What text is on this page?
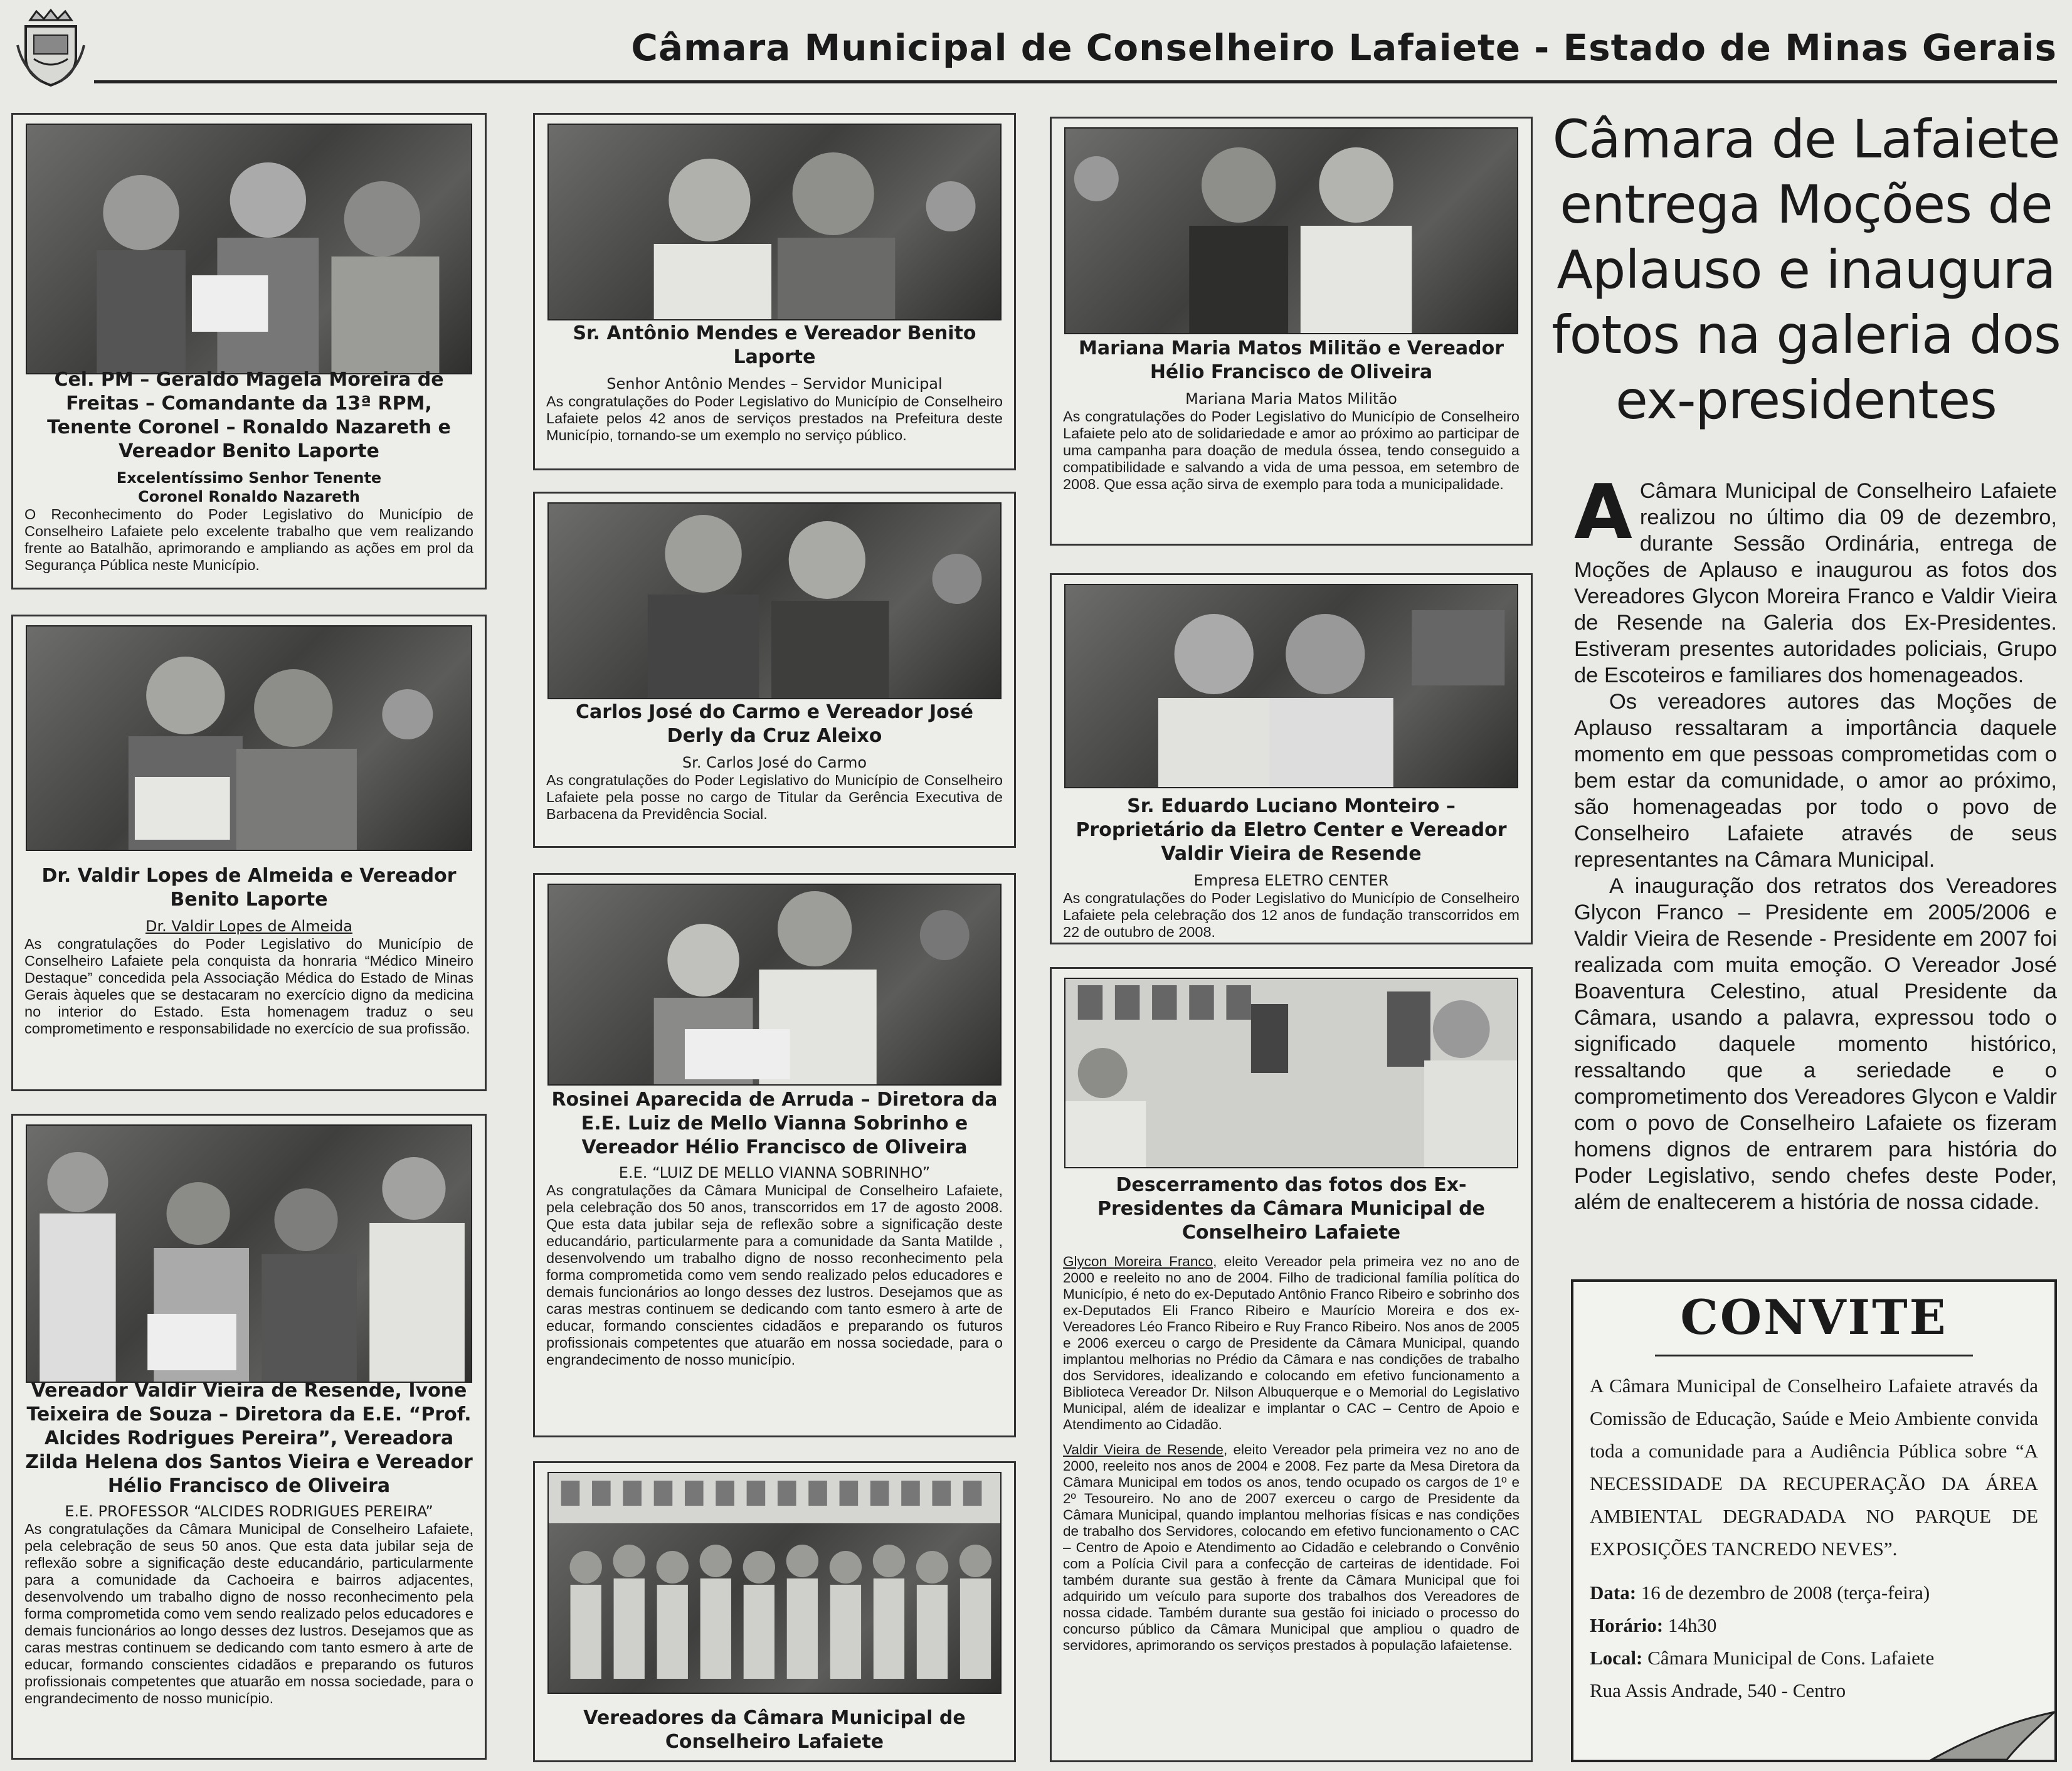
Câmara Municipal de Conselheiro Lafaiete - Estado de Minas Gerais
Cel. PM – Geraldo Magela Moreira de Freitas – Comandante da 13ª RPM, Tenente Coronel – Ronaldo Nazareth e Vereador Benito Laporte
Excelentíssimo Senhor Tenente
Coronel Ronaldo Nazareth
O Reconhecimento do Poder Legislativo do Município de Conselheiro Lafaiete pelo excelente trabalho que vem realizando frente ao Batalhão, aprimorando e ampliando as ações em prol da Segurança Pública neste Município.
Dr. Valdir Lopes de Almeida e Vereador Benito Laporte
Dr. Valdir Lopes de Almeida
As congratulações do Poder Legislativo do Município de Conselheiro Lafaiete pela conquista da honraria “Médico Mineiro Destaque” concedida pela Associação Médica do Estado de Minas Gerais àqueles que se destacaram no exercício digno da medicina no interior do Estado. Esta homenagem traduz o seu comprometimento e responsabilidade no exercício de sua profissão.
Vereador Valdir Vieira de Resende, Ivone Teixeira de Souza – Diretora da E.E. “Prof. Alcides Rodrigues Pereira”, Vereadora Zilda Helena dos Santos Vieira e Vereador Hélio Francisco de Oliveira
E.E. PROFESSOR “ALCIDES RODRIGUES PEREIRA”
As congratulações da Câmara Municipal de Conselheiro Lafaiete, pela celebração de seus 50 anos. Que esta data jubilar seja de reflexão sobre a significação deste educandário, particularmente para a comunidade da Cachoeira e bairros adjacentes, desenvolvendo um trabalho digno de nosso reconhecimento pela forma comprometida como vem sendo realizado pelos educadores e demais funcionários ao longo desses dez lustros. Desejamos que as caras mestras continuem se dedicando com tanto esmero à arte de educar, formando conscientes cidadãos e preparando os futuros profissionais competentes que atuarão em nossa sociedade, para o engrandecimento de nosso município.
Sr. Antônio Mendes e Vereador Benito Laporte
Senhor Antônio Mendes – Servidor Municipal
As congratulações do Poder Legislativo do Município de Conselheiro Lafaiete pelos 42 anos de serviços prestados na Prefeitura deste Município, tornando-se um exemplo no serviço público.
Carlos José do Carmo e Vereador José Derly da Cruz Aleixo
Sr. Carlos José do Carmo
As congratulações do Poder Legislativo do Município de Conselheiro Lafaiete pela posse no cargo de Titular da Gerência Executiva de Barbacena da Previdência Social.
Rosinei Aparecida de Arruda – Diretora da E.E. Luiz de Mello Vianna Sobrinho e Vereador Hélio Francisco de Oliveira
E.E. “LUIZ DE MELLO VIANNA SOBRINHO”
As congratulações da Câmara Municipal de Conselheiro Lafaiete, pela celebração dos 50 anos, transcorridos em 17 de agosto 2008. Que esta data jubilar seja de reflexão sobre a significação deste educandário, particularmente para a comunidade da Santa Matilde , desenvolvendo um trabalho digno de nosso reconhecimento pela forma comprometida como vem sendo realizado pelos educadores e demais funcionários ao longo desses dez lustros. Desejamos que as caras mestras continuem se dedicando com tanto esmero à arte de educar, formando conscientes cidadãos e preparando os futuros profissionais competentes que atuarão em nossa sociedade, para o engrandecimento de nosso município.
Vereadores da Câmara Municipal de Conselheiro Lafaiete
Mariana Maria Matos Militão e Vereador Hélio Francisco de Oliveira
Mariana Maria Matos Militão
As congratulações do Poder Legislativo do Município de Conselheiro Lafaiete pelo ato de solidariedade e amor ao próximo ao participar de uma campanha para doação de medula óssea, tendo conseguido a compatibilidade e salvando a vida de uma pessoa, em setembro de 2008. Que essa ação sirva de exemplo para toda a municipalidade.
Sr. Eduardo Luciano Monteiro – Proprietário da Eletro Center e Vereador Valdir Vieira de Resende
Empresa ELETRO CENTER
As congratulações do Poder Legislativo do Município de Conselheiro Lafaiete pela celebração dos 12 anos de fundação transcorridos em 22 de outubro de 2008.
Descerramento das fotos dos Ex-Presidentes da Câmara Municipal de Conselheiro Lafaiete
Glycon Moreira Franco, eleito Vereador pela primeira vez no ano de 2000 e reeleito no ano de 2004. Filho de tradicional família política do Município, é neto do ex-Deputado Antônio Franco Ribeiro e sobrinho dos ex-Deputados Eli Franco Ribeiro e Maurício Moreira e dos ex-Vereadores Léo Franco Ribeiro e Ruy Franco Ribeiro. Nos anos de 2005 e 2006 exerceu o cargo de Presidente da Câmara Municipal, quando implantou melhorias no Prédio da Câmara e nas condições de trabalho dos Servidores, idealizando e colocando em efetivo funcionamento a Biblioteca Vereador Dr. Nilson Albuquerque e o Memorial do Legislativo Municipal, além de idealizar e implantar o CAC – Centro de Apoio e Atendimento ao Cidadão.
Valdir Vieira de Resende, eleito Vereador pela primeira vez no ano de 2000, reeleito nos anos de 2004 e 2008. Fez parte da Mesa Diretora da Câmara Municipal em todos os anos, tendo ocupado os cargos de 1º e 2º Tesoureiro. No ano de 2007 exerceu o cargo de Presidente da Câmara Municipal, quando implantou melhorias físicas e nas condições de trabalho dos Servidores, colocando em efetivo funcionamento o CAC – Centro de Apoio e Atendimento ao Cidadão e celebrando o Convênio com a Polícia Civil para a confecção de carteiras de identidade. Foi também durante sua gestão à frente da Câmara Municipal que foi adquirido um veículo para suporte dos trabalhos dos Vereadores de nossa cidade. Também durante sua gestão foi iniciado o processo do concurso público da Câmara Municipal que ampliou o quadro de servidores, aprimorando os serviços prestados à população lafaietense.
Câmara de Lafaiete entrega Moções de Aplauso e inaugura fotos na galeria dos ex-presidentes

A Câmara Municipal de Conselheiro Lafaiete realizou no último dia 09 de dezembro, durante Sessão Ordinária, entrega de Moções de Aplauso e inaugurou as fotos dos Vereadores Glycon Moreira Franco e Valdir Vieira de Resende na Galeria dos Ex-Presidentes. Estiveram presentes autoridades policiais, Grupo de Escoteiros e familiares dos homenageados.

Os vereadores autores das Moções de Aplauso ressaltaram a importância daquele momento em que pessoas comprometidas com o bem estar da comunidade, o amor ao próximo, são homenageadas por todo o povo de Conselheiro Lafaiete através de seus representantes na Câmara Municipal.

A inauguração dos retratos dos Vereadores Glycon Franco – Presidente em 2005/2006 e Valdir Vieira de Resende - Presidente em 2007 foi realizada com muita emoção. O Vereador José Boaventura Celestino, atual Presidente da Câmara, usando a palavra, expressou todo o significado daquele momento histórico, ressaltando que a seriedade e o comprometimento dos Vereadores Glycon e Valdir com o povo de Conselheiro Lafaiete os fizeram homens dignos de entrarem para história do Poder Legislativo, sendo chefes deste Poder, além de enaltecerem a história de nossa cidade.

CONVITE

A Câmara Municipal de Conselheiro Lafaiete através da Comissão de Educação, Saúde e Meio Ambiente convida toda a comunidade para a Audiência Pública sobre “A NECESSIDADE DA RECUPERAÇÃO DA ÁREA AMBIENTAL DEGRADADA NO PARQUE DE EXPOSIÇÕES TANCREDO NEVES”.

Data: 16 de dezembro de 2008 (terça-feira)

Horário: 14h30

Local: Câmara Municipal de Cons. Lafaiete

Rua Assis Andrade, 540 - Centro
